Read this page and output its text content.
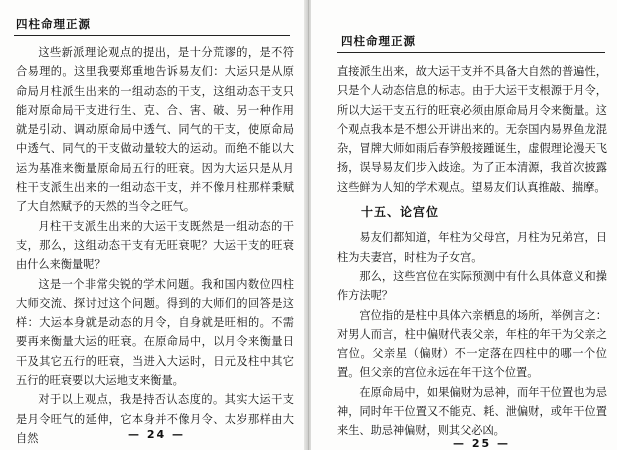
四柱命理正源

这些新派理论观点的提出，是十分荒谬的，是不符合易理的。这里我要郑重地告诉易友们：大运只是从原命局月柱派生出来的一组动态的干支，这组动态干支只能对原命局干支进行生、克、合、害、破、另一种作用就是引动、调动原命局中透气、同气的干支，使原命局中透气、同气的干支做动量较大的运动。而绝不能以大运为基准来衡量原命局五行的旺衰。因为大运只是从月柱干支派生出来的一组动态干支，并不像月柱那样秉赋了大自然赋予的天然的当令之旺气。

月柱干支派生出来的大运干支既然是一组动态的干支，那么，这组动态干支有无旺衰呢？大运干支的旺衰由什么来衡量呢？

这是一个非常尖锐的学术问题。我和国内数位四柱大师交流、探讨过这个问题。得到的大师们的回答是这样：大运本身就是动态的月令，自身就是旺相的。不需要再来衡量大运的旺衰。在原命局中，以月令来衡量日干及其它五行的旺衰，当进入大运时，日元及柱中其它五行的旺衰要以大运地支来衡量。

对于以上观点，我是持否认态度的。其实大运干支是月令旺气的延伸，它本身并不像月令、太岁那样由大自然	— 24 —
四柱命理正源

直接派生出来，故大运干支并不具备大自然的普遍性，只是个人动态信息的标志。由于大运干支根源于月令，所以大运干支五行的旺衰必须由原命局月令来衡量。这个观点我本是不想公开讲出来的。无奈国内易界鱼龙混杂，冒牌大师如雨后春笋般接踵诞生，虚假理论漫天飞扬，误导易友们步入歧途。为了正本清源，我首次披露这些鲜为人知的学术观点。望易友们认真推敲、揣摩。

十五、论宫位

易友们都知道，年柱为父母宫，月柱为兄弟宫，日柱为夫妻宫，时柱为子女宫。

那么，这些宫位在实际预测中有什么具体意义和操作方法呢？

宫位指的是柱中具体六亲栖息的场所，举例言之：对男人而言，柱中偏财代表父亲，年柱的年干为父亲之宫位。父亲星（偏财）不一定落在四柱中的哪一个位置。但父亲的宫位永远在年干这个位置。

在原命局中，如果偏财为忌神，而年干位置也为忌神，同时年干位置又不能克、耗、泄偏财，或年干位置来生、助忌神偏财，则其父必凶。

— 25 —
